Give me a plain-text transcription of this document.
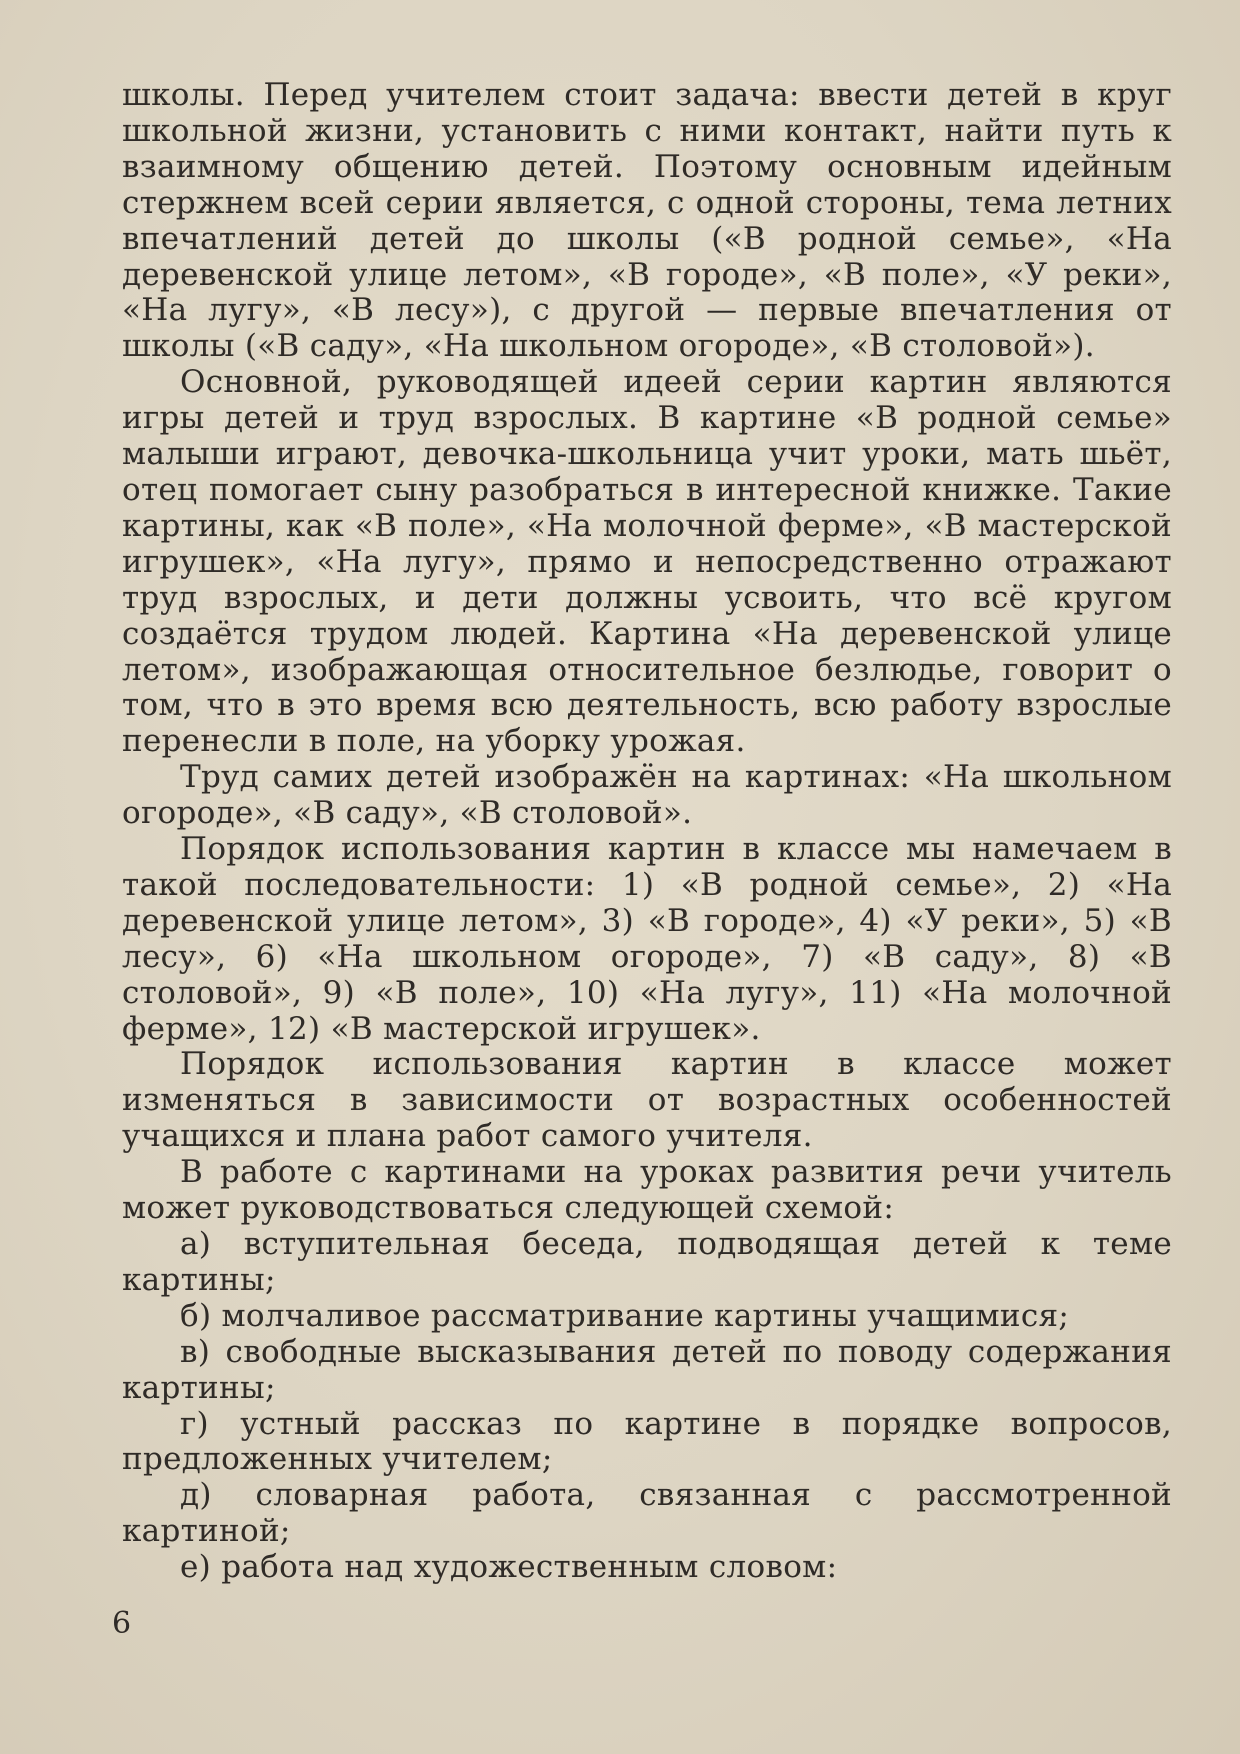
школы. Перед учителем стоит задача: ввести детей в круг школьной жизни, установить с ними контакт, найти путь к взаимному общению детей. Поэтому основным идейным стержнем всей серии является, с одной стороны, тема летних впечатлений детей до школы («В родной семье», «На деревенской улице летом», «В городе», «В поле», «У реки», «На лугу», «В лесу»), с другой — первые впечатления от школы («В саду», «На школьном огороде», «В столовой»).

Основной, руководящей идеей серии картин являются игры детей и труд взрослых. В картине «В родной семье» малыши играют, девочка-школьница учит уроки, мать шьёт, отец помогает сыну разобраться в интересной книжке. Такие картины, как «В поле», «На молочной ферме», «В мастерской игрушек», «На лугу», прямо и непосредственно отражают труд взрослых, и дети должны усвоить, что всё кругом создаётся трудом людей. Картина «На деревенской улице летом», изображающая относительное безлюдье, говорит о том, что в это время всю деятельность, всю работу взрослые перенесли в поле, на уборку урожая.

Труд самих детей изображён на картинах: «На школьном огороде», «В саду», «В столовой».

Порядок использования картин в классе мы намечаем в такой последовательности: 1) «В родной семье», 2) «На деревенской улице летом», 3) «В городе», 4) «У реки», 5) «В лесу», 6) «На школьном огороде», 7) «В саду», 8) «В столовой», 9) «В поле», 10) «На лугу», 11) «На молочной ферме», 12) «В мастерской игрушек».

Порядок использования картин в классе может изменяться в зависимости от возрастных особенностей учащихся и плана работ самого учителя.

В работе с картинами на уроках развития речи учитель может руководствоваться следующей схемой:

а) вступительная беседа, подводящая детей к теме картины;
б) молчаливое рассматривание картины учащимися;
в) свободные высказывания детей по поводу содержания картины;
г) устный рассказ по картине в порядке вопросов, предложенных учителем;
д) словарная работа, связанная с рассмотренной картиной;
е) работа над художественным словом:
6
